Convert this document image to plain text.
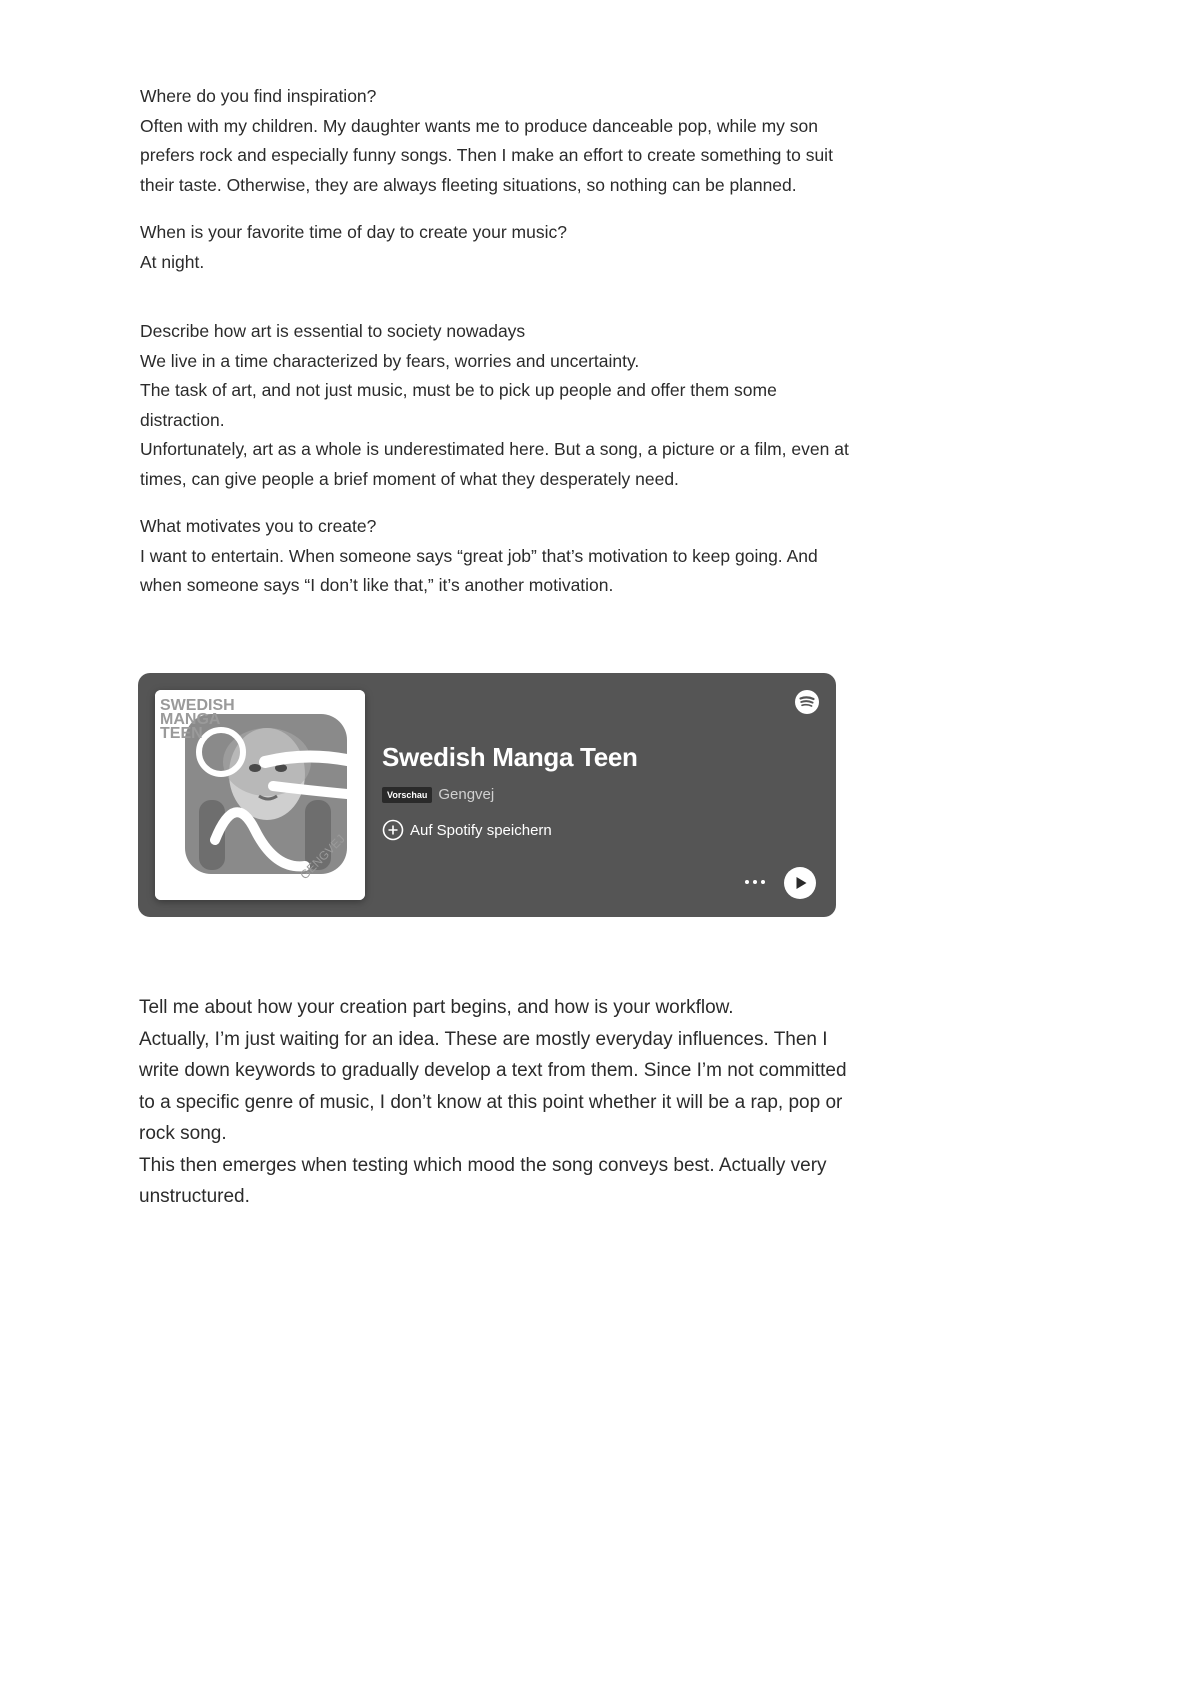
Where do you find inspiration?

Often with my children. My daughter wants me to produce danceable pop, while my son prefers rock and especially funny songs. Then I make an effort to create something to suit their taste. Otherwise, they are always fleeting situations, so nothing can be planned.

When is your favorite time of day to create your music?

At night.

Describe how art is essential to society nowadays

We live in a time characterized by fears, worries and uncertainty.

The task of art, and not just music, must be to pick up people and offer them some distraction.

Unfortunately, art as a whole is underestimated here. But a song, a picture or a film, even at times, can give people a brief moment of what they desperately need.

What motivates you to create?

I want to entertain. When someone says “great job” that’s motivation to keep going. And when someone says “I don’t like that,” it’s another motivation.

SWEDISH
MANGA
TEEN
GENGVEJ
Swedish Manga Teen
Vorschau Gengvej
Auf Spotify speichern

Tell me about how your creation part begins, and how is your workflow.

Actually, I’m just waiting for an idea. These are mostly everyday influences. Then I write down keywords to gradually develop a text from them. Since I’m not committed to a specific genre of music, I don’t know at this point whether it will be a rap, pop or rock song.

This then emerges when testing which mood the song conveys best. Actually very unstructured.
